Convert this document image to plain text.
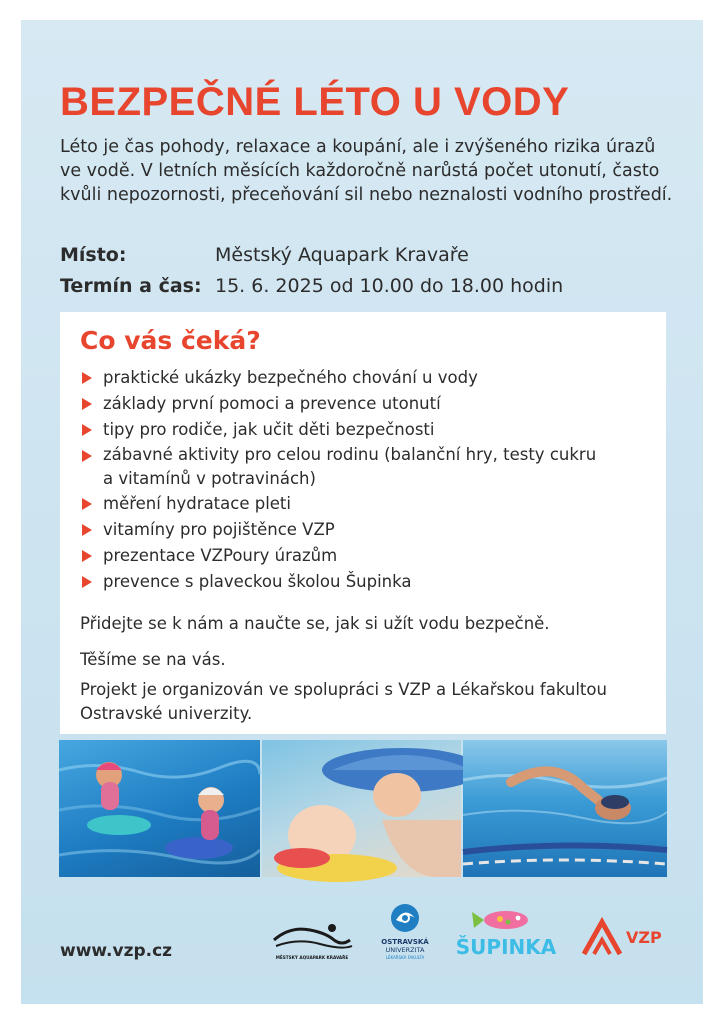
BEZPEČNÉ LÉTO U VODY
Léto je čas pohody, relaxace a koupání, ale i zvýšeného rizika úrazů ve vodě. V letních měsících každoročně narůstá počet utonutí, často kvůli nepozornosti, přeceňování sil nebo neznalosti vodního prostředí.
Místo:	Městský Aquapark Kravaře
Termín a čas: 15. 6. 2025 od 10.00 do 18.00 hodin
Co vás čeká?
praktické ukázky bezpečného chování u vody
základy první pomoci a prevence utonutí
tipy pro rodiče, jak učit děti bezpečnosti
zábavné aktivity pro celou rodinu (balanční hry, testy cukru
a vitamínů v potravinách)
měření hydratace pleti
vitamíny pro pojištěnce VZP
prezentace VZPoury úrazům
prevence s plaveckou školou Šupinka
Přidejte se k nám a naučte se, jak si užít vodu bezpečně.
Těšíme se na vás.
Projekt je organizován ve spolupráci s VZP a Lékařskou fakultou Ostravské univerzity.
www.vzp.cz	MĚSTSKÝ AQUAPARK KRAVAŘE
OSTRAVSKÁ
UNIVERZITA
LÉKAŘSKÁ FAKULTA ŠUPINKA	VZP
